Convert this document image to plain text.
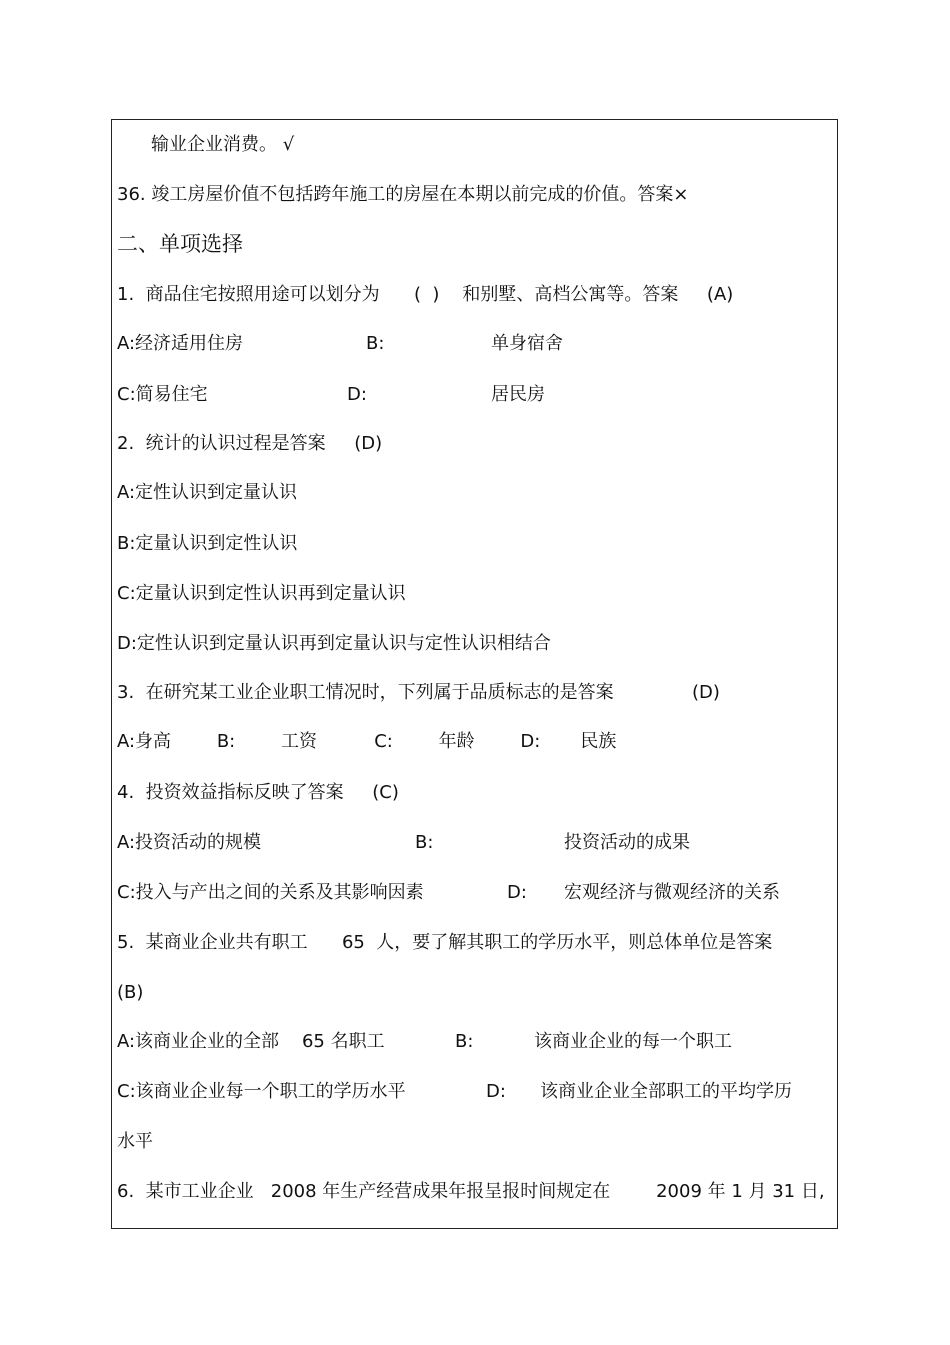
输业企业消费。 √
36. 竣工房屋价值不包括跨年施工的房屋在本期以前完成的价值。答案×
二、单项选择
1.  商品住宅按照用途可以划分为      (  )    和别墅、高档公寓等。答案     (A)
A:经济适用住房	B:	单身宿舍
C:简易住宅	D:	居民房
2.  统计的认识过程是答案     (D)
A:定性认识到定量认识
B:定量认识到定性认识
C:定量认识到定性认识再到定量认识
D:定性认识到定量认识再到定量认识与定性认识相结合
3.  在研究某工业企业职工情况时，下列属于品质标志的是答案	(D)
A:身高        B:        工资          C:        年龄        D:       民族
4.  投资效益指标反映了答案     (C)
A:投资活动的规模	B:	投资活动的成果
C:投入与产出之间的关系及其影响因素	D: 宏观经济与微观经济的关系
5.  某商业企业共有职工      65  人，要了解其职工的学历水平，则总体单位是答案
(B)
A:该商业企业的全部    65 名职工	B:	该商业企业的每一个职工
C:该商业企业每一个职工的学历水平	D: 该商业企业全部职工的平均学历
水平
6.  某市工业企业   2008 年生产经营成果年报呈报时间规定在        2009 年 1 月 31 日,
